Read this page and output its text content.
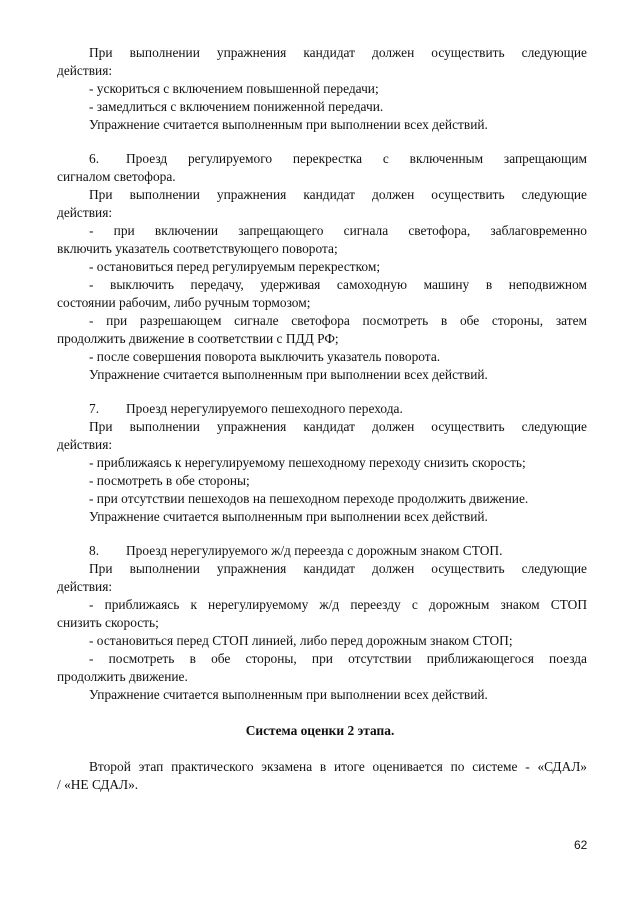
При выполнении упражнения кандидат должен осуществить следующие
действия:
- ускориться с включением повышенной передачи;
- замедлиться с включением пониженной передачи.
Упражнение считается выполненным при выполнении всех действий.
6. Проезд регулируемого перекрестка с включенным запрещающим
сигналом светофора.
При выполнении упражнения кандидат должен осуществить следующие
действия:
- при включении запрещающего сигнала светофора, заблаговременно
включить указатель соответствующего поворота;
- остановиться перед регулируемым перекрестком;
- выключить передачу, удерживая самоходную машину в неподвижном
состоянии рабочим, либо ручным тормозом;
- при разрешающем сигнале светофора посмотреть в обе стороны, затем
продолжить движение в соответствии с ПДД РФ;
- после совершения поворота выключить указатель поворота.
Упражнение считается выполненным при выполнении всех действий.
7. Проезд нерегулируемого пешеходного перехода.
При выполнении упражнения кандидат должен осуществить следующие
действия:
- приближаясь к нерегулируемому пешеходному переходу снизить скорость;
- посмотреть в обе стороны;
- при отсутствии пешеходов на пешеходном переходе продолжить движение.
Упражнение считается выполненным при выполнении всех действий.
8. Проезд нерегулируемого ж/д переезда с дорожным знаком СТОП.
При выполнении упражнения кандидат должен осуществить следующие
действия:
- приближаясь к нерегулируемому ж/д переезду с дорожным знаком СТОП
снизить скорость;
- остановиться перед СТОП линией, либо перед дорожным знаком СТОП;
- посмотреть в обе стороны, при отсутствии приближающегося поезда
продолжить движение.
Упражнение считается выполненным при выполнении всех действий.
Система оценки 2 этапа.
Второй этап практического экзамена в итоге оценивается по системе - «СДАЛ»
/ «НЕ СДАЛ».
62
